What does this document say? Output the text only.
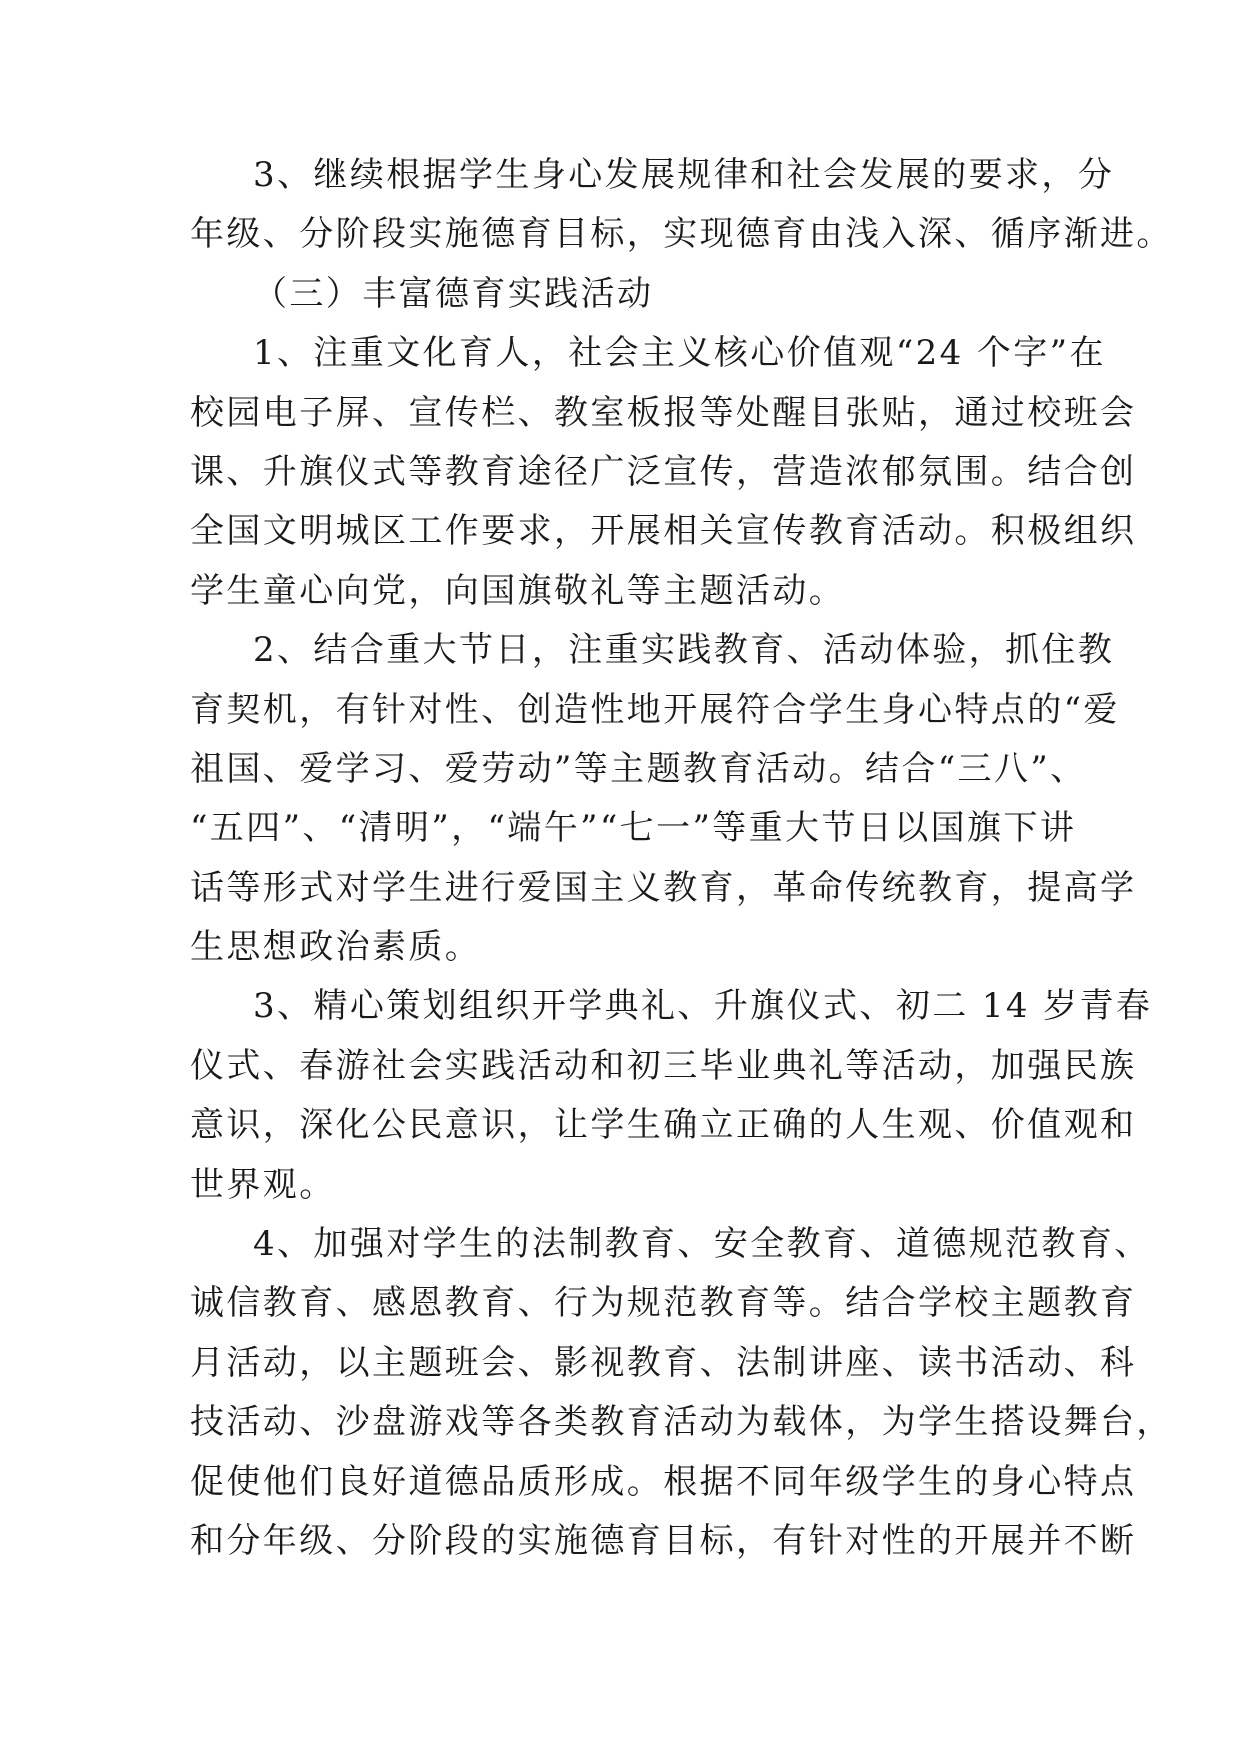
3、继续根据学生身心发展规律和社会发展的要求，分
年级、分阶段实施德育目标，实现德育由浅入深、循序渐进。
（三）丰富德育实践活动
1、注重文化育人，社会主义核心价值观“24 个字”在
校园电子屏、宣传栏、教室板报等处醒目张贴，通过校班会
课、升旗仪式等教育途径广泛宣传，营造浓郁氛围。结合创
全国文明城区工作要求，开展相关宣传教育活动。积极组织
学生童心向党，向国旗敬礼等主题活动。
2、结合重大节日，注重实践教育、活动体验，抓住教
育契机，有针对性、创造性地开展符合学生身心特点的“爱
祖国、爱学习、爱劳动”等主题教育活动。结合“三八”、
“五四”、“清明”，“端午”“七一”等重大节日以国旗下讲
话等形式对学生进行爱国主义教育，革命传统教育，提高学
生思想政治素质。
3、精心策划组织开学典礼、升旗仪式、初二 14 岁青春
仪式、春游社会实践活动和初三毕业典礼等活动，加强民族
意识，深化公民意识，让学生确立正确的人生观、价值观和
世界观。
4、加强对学生的法制教育、安全教育、道德规范教育、
诚信教育、感恩教育、行为规范教育等。结合学校主题教育
月活动，以主题班会、影视教育、法制讲座、读书活动、科
技活动、沙盘游戏等各类教育活动为载体，为学生搭设舞台，
促使他们良好道德品质形成。根据不同年级学生的身心特点
和分年级、分阶段的实施德育目标，有针对性的开展并不断
